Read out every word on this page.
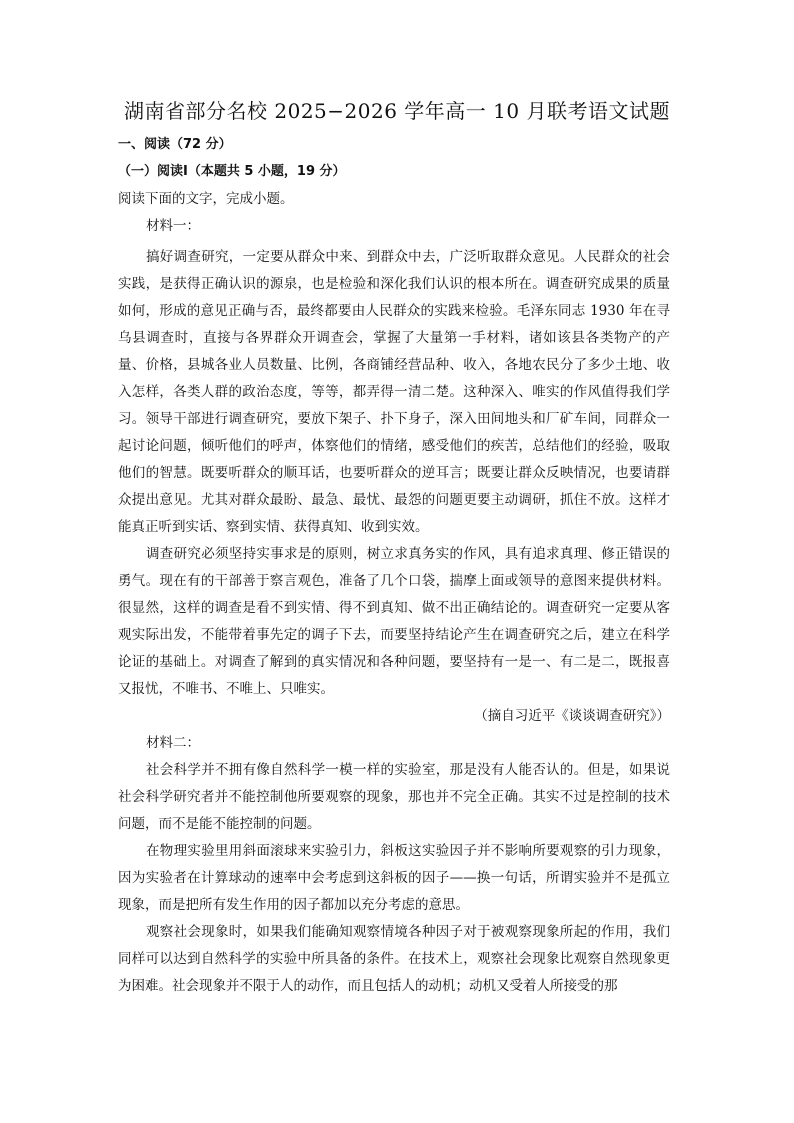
湖南省部分名校 2025−2026 学年高一 10 月联考语文试题
一、阅读（72 分）
（一）阅读Ⅰ（本题共 5 小题，19 分）
阅读下面的文字，完成小题。
材料一：

搞好调查研究，一定要从群众中来、到群众中去，广泛听取群众意见。人民群众的社会实践，是获得正确认识的源泉，也是检验和深化我们认识的根本所在。调查研究成果的质量如何，形成的意见正确与否，最终都要由人民群众的实践来检验。毛泽东同志 1930 年在寻乌县调查时，直接与各界群众开调查会，掌握了大量第一手材料，诸如该县各类物产的产量、价格，县城各业人员数量、比例，各商铺经营品种、收入，各地农民分了多少土地、收入怎样，各类人群的政治态度，等等，都弄得一清二楚。这种深入、唯实的作风值得我们学习。领导干部进行调查研究，要放下架子、扑下身子，深入田间地头和厂矿车间，同群众一起讨论问题，倾听他们的呼声，体察他们的情绪，感受他们的疾苦，总结他们的经验，吸取他们的智慧。既要听群众的顺耳话，也要听群众的逆耳言；既要让群众反映情况，也要请群众提出意见。尤其对群众最盼、最急、最忧、最怨的问题更要主动调研，抓住不放。这样才能真正听到实话、察到实情、获得真知、收到实效。

调查研究必须坚持实事求是的原则，树立求真务实的作风，具有追求真理、修正错误的勇气。现在有的干部善于察言观色，准备了几个口袋，揣摩上面或领导的意图来提供材料。很显然，这样的调查是看不到实情、得不到真知、做不出正确结论的。调查研究一定要从客观实际出发，不能带着事先定的调子下去，而要坚持结论产生在调查研究之后，建立在科学论证的基础上。对调查了解到的真实情况和各种问题，要坚持有一是一、有二是二，既报喜又报忧，不唯书、不唯上、只唯实。

（摘自习近平《谈谈调查研究》）

材料二：

社会科学并不拥有像自然科学一模一样的实验室，那是没有人能否认的。但是，如果说社会科学研究者并不能控制他所要观察的现象，那也并不完全正确。其实不过是控制的技术问题，而不是能不能控制的问题。

在物理实验里用斜面滚球来实验引力，斜板这实验因子并不影响所要观察的引力现象，因为实验者在计算球动的速率中会考虑到这斜板的因子——换一句话，所谓实验并不是孤立现象，而是把所有发生作用的因子都加以充分考虑的意思。

观察社会现象时，如果我们能确知观察情境各种因子对于被观察现象所起的作用，我们同样可以达到自然科学的实验中所具备的条件。在技术上，观察社会现象比观察自然现象更为困难。社会现象并不限于人的动作，而且包括人的动机；动机又受着人所接受的那
